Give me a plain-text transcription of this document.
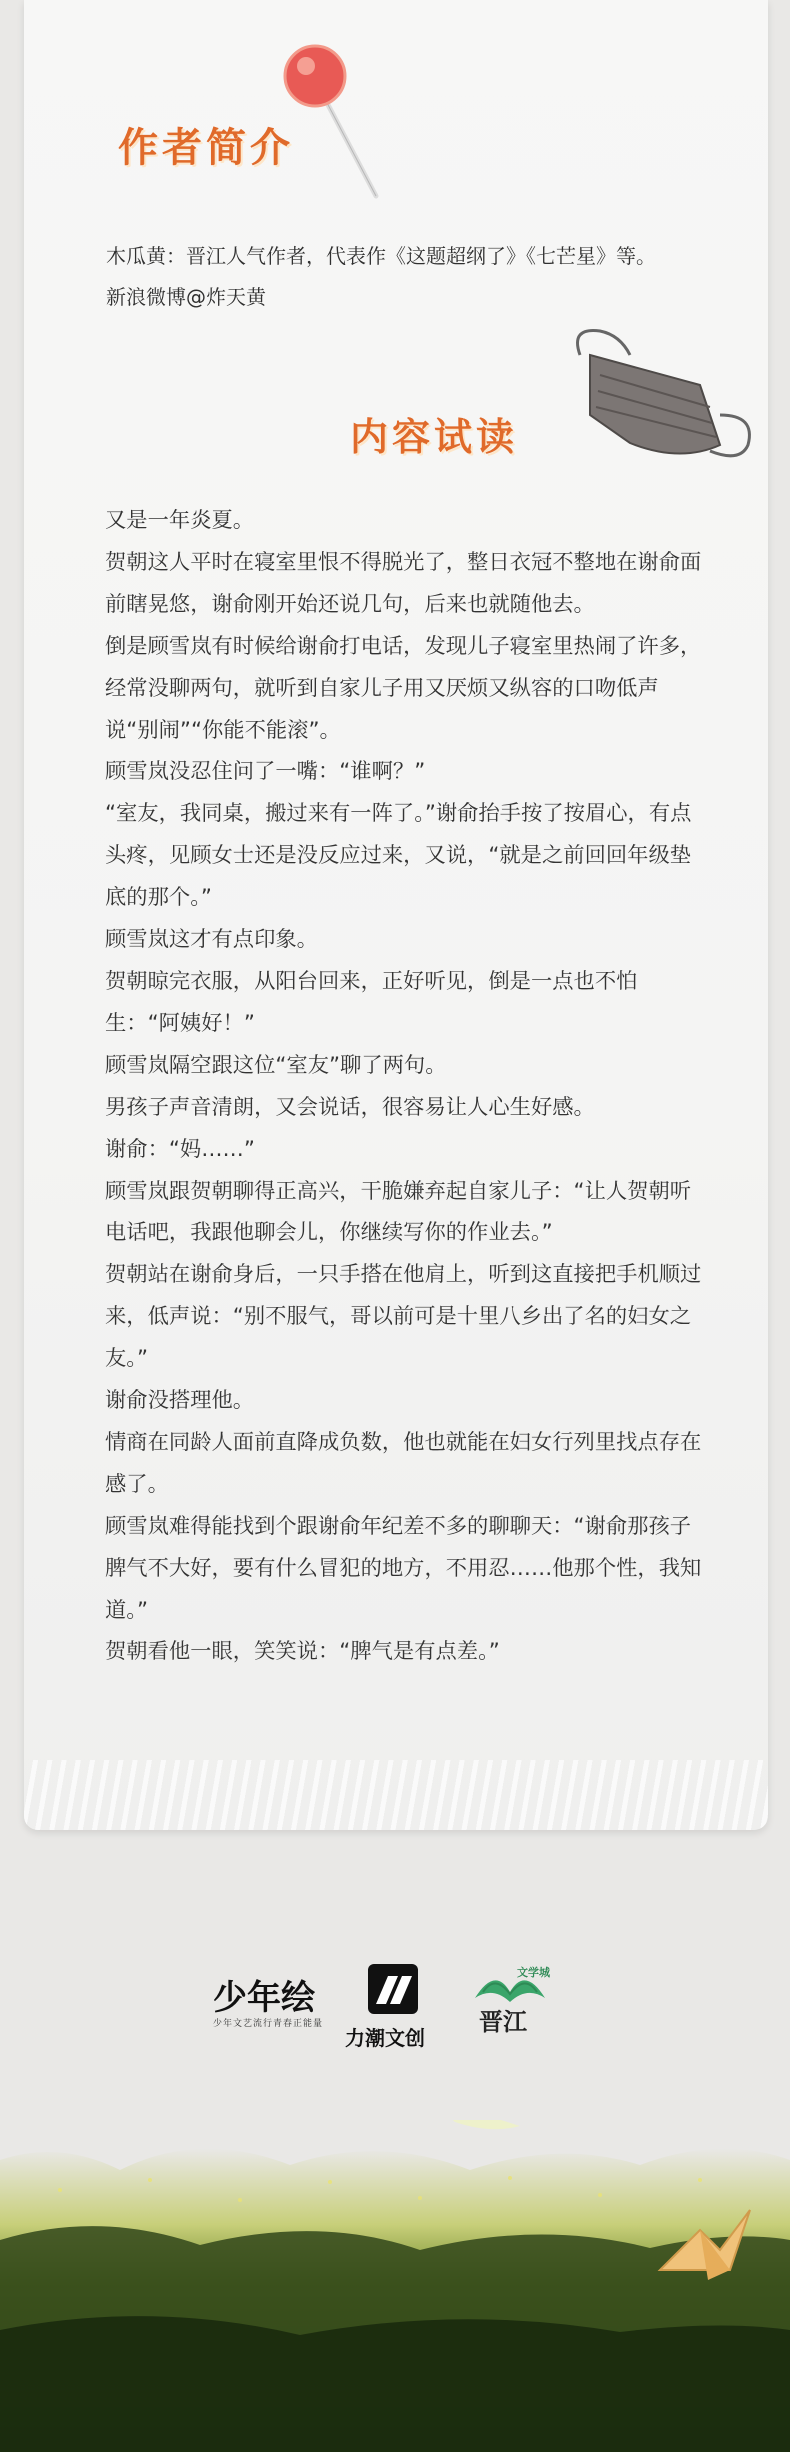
作者简介
木瓜黄：晋江人气作者，代表作《这题超纲了》《七芒星》等。
新浪微博@炸天黄
内容试读

又是一年炎夏。

贺朝这人平时在寝室里恨不得脱光了，整日衣冠不整地在谢俞面前瞎晃悠，谢俞刚开始还说几句，后来也就随他去。

倒是顾雪岚有时候给谢俞打电话，发现儿子寝室里热闹了许多，经常没聊两句，就听到自家儿子用又厌烦又纵容的口吻低声说“别闹”“你能不能滚”。

顾雪岚没忍住问了一嘴：“谁啊？”

“室友，我同桌，搬过来有一阵了。”谢俞抬手按了按眉心，有点头疼，见顾女士还是没反应过来，又说，“就是之前回回年级垫底的那个。”

顾雪岚这才有点印象。

贺朝晾完衣服，从阳台回来，正好听见，倒是一点也不怕生：“阿姨好！”

顾雪岚隔空跟这位“室友”聊了两句。

男孩子声音清朗，又会说话，很容易让人心生好感。

谢俞：“妈……”

顾雪岚跟贺朝聊得正高兴，干脆嫌弃起自家儿子：“让人贺朝听电话吧，我跟他聊会儿，你继续写你的作业去。”

贺朝站在谢俞身后，一只手搭在他肩上，听到这直接把手机顺过来，低声说：“别不服气，哥以前可是十里八乡出了名的妇女之友。”

谢俞没搭理他。

情商在同龄人面前直降成负数，他也就能在妇女行列里找点存在感了。

顾雪岚难得能找到个跟谢俞年纪差不多的聊聊天：“谢俞那孩子脾气不大好，要有什么冒犯的地方，不用忍……他那个性，我知道。”

贺朝看他一眼，笑笑说：“脾气是有点差。”

少年绘
少年文艺流行青春正能量
力潮文创
文学城
晋江
